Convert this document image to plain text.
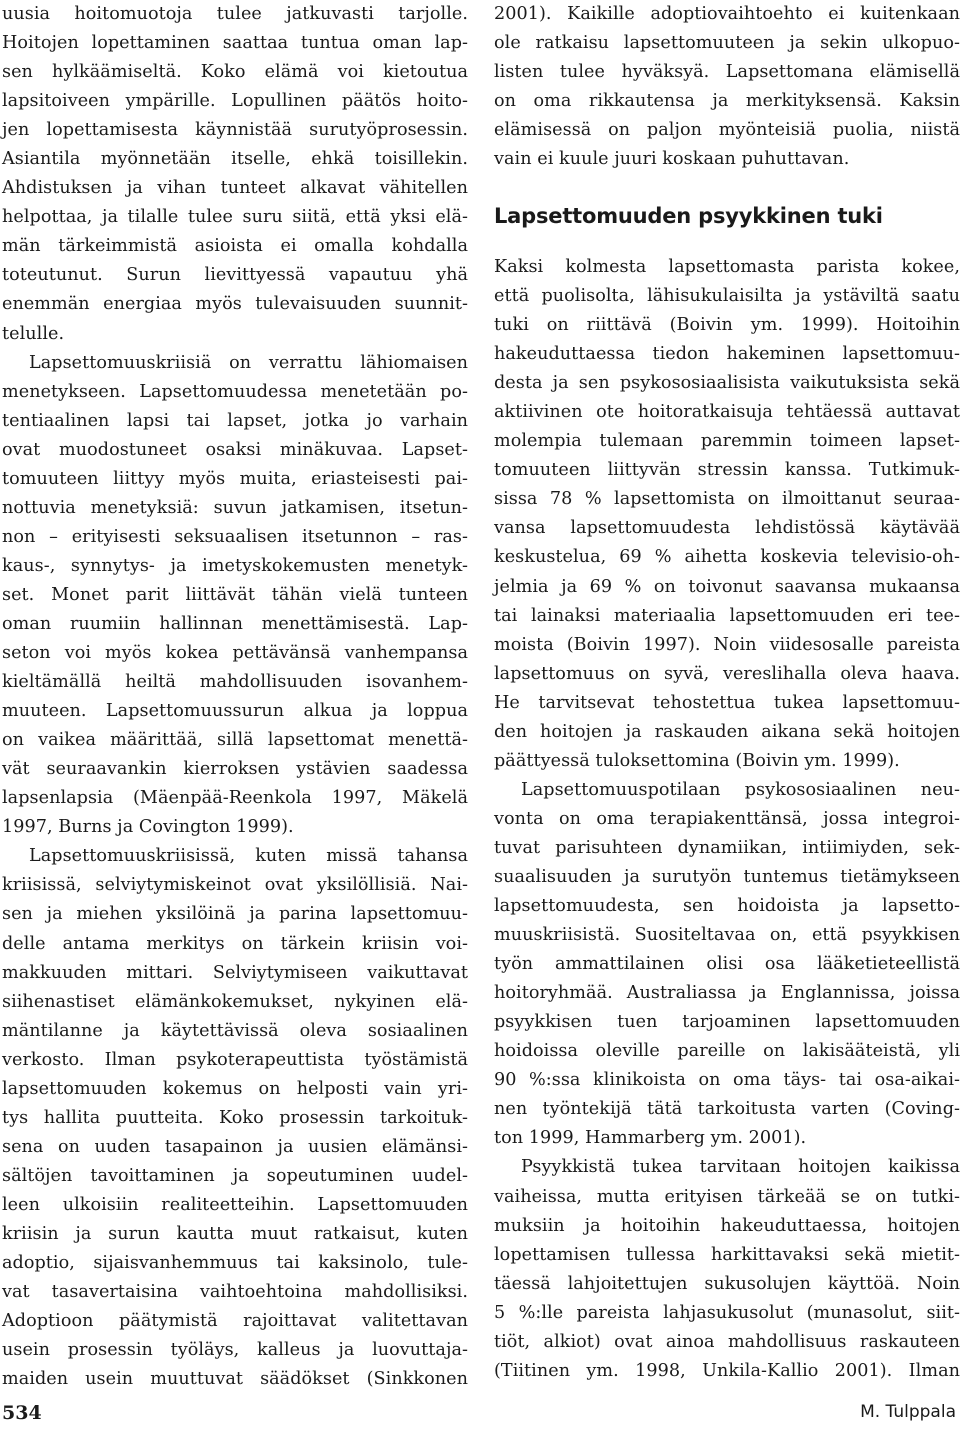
uusia hoitomuotoja tulee jatkuvasti tarjolle.
Hoitojen lopettaminen saattaa tuntua oman lap-
sen hylkäämiseltä. Koko elämä voi kietoutua
lapsitoiveen ympärille. Lopullinen päätös hoito-
jen lopettamisesta käynnistää surutyöprosessin.
Asiantila myönnetään itselle, ehkä toisillekin.
Ahdistuksen ja vihan tunteet alkavat vähitellen
helpottaa, ja tilalle tulee suru siitä, että yksi elä-
män tärkeimmistä asioista ei omalla kohdalla
toteutunut. Surun lievittyessä vapautuu yhä
enemmän energiaa myös tulevaisuuden suunnit-
telulle.
Lapsettomuuskriisiä on verrattu lähiomaisen
menetykseen. Lapsettomuudessa menetetään po-
tentiaalinen lapsi tai lapset, jotka jo varhain
ovat muodostuneet osaksi minäkuvaa. Lapset-
tomuuteen liittyy myös muita, eriasteisesti pai-
nottuvia menetyksiä: suvun jatkamisen, itsetun-
non – erityisesti seksuaalisen itsetunnon – ras-
kaus-, synnytys- ja imetyskokemusten menetyk-
set. Monet parit liittävät tähän vielä tunteen
oman ruumiin hallinnan menettämisestä. Lap-
seton voi myös kokea pettävänsä vanhempansa
kieltämällä heiltä mahdollisuuden isovanhem-
muuteen. Lapsettomuussurun alkua ja loppua
on vaikea määrittää, sillä lapsettomat menettä-
vät seuraavankin kierroksen ystävien saadessa
lapsenlapsia (Mäenpää-Reenkola 1997, Mäkelä
1997, Burns ja Covington 1999).
Lapsettomuuskriisissä, kuten missä tahansa
kriisissä, selviytymiskeinot ovat yksilöllisiä. Nai-
sen ja miehen yksilöinä ja parina lapsettomuu-
delle antama merkitys on tärkein kriisin voi-
makkuuden mittari. Selviytymiseen vaikuttavat
siihenastiset elämänkokemukset, nykyinen elä-
mäntilanne ja käytettävissä oleva sosiaalinen
verkosto. Ilman psykoterapeuttista työstämistä
lapsettomuuden kokemus on helposti vain yri-
tys hallita puutteita. Koko prosessin tarkoituk-
sena on uuden tasapainon ja uusien elämänsi-
sältöjen tavoittaminen ja sopeutuminen uudel-
leen ulkoisiin realiteetteihin. Lapsettomuuden
kriisin ja surun kautta muut ratkaisut, kuten
adoptio, sijaisvanhemmuus tai kaksinolo, tule-
vat tasavertaisina vaihtoehtoina mahdollisiksi.
Adoptioon päätymistä rajoittavat valitettavan
usein prosessin työläys, kalleus ja luovuttaja-
maiden usein muuttuvat säädökset (Sinkkonen
2001). Kaikille adoptiovaihtoehto ei kuitenkaan
ole ratkaisu lapsettomuuteen ja sekin ulkopuo-
listen tulee hyväksyä. Lapsettomana elämisellä
on oma rikkautensa ja merkityksensä. Kaksin
elämisessä on paljon myönteisiä puolia, niistä
vain ei kuule juuri koskaan puhuttavan.
Lapsettomuuden psyykkinen tuki
Kaksi kolmesta lapsettomasta parista kokee,
että puolisolta, lähisukulaisilta ja ystäviltä saatu
tuki on riittävä (Boivin ym. 1999). Hoitoihin
hakeuduttaessa tiedon hakeminen lapsettomuu-
desta ja sen psykososiaalisista vaikutuksista sekä
aktiivinen ote hoitoratkaisuja tehtäessä auttavat
molempia tulemaan paremmin toimeen lapset-
tomuuteen liittyvän stressin kanssa. Tutkimuk-
sissa 78 % lapsettomista on ilmoittanut seuraa-
vansa lapsettomuudesta lehdistössä käytävää
keskustelua, 69 % aihetta koskevia televisio-oh-
jelmia ja 69 % on toivonut saavansa mukaansa
tai lainaksi materiaalia lapsettomuuden eri tee-
moista (Boivin 1997). Noin viidesosalle pareista
lapsettomuus on syvä, vereslihalla oleva haava.
He tarvitsevat tehostettua tukea lapsettomuu-
den hoitojen ja raskauden aikana sekä hoitojen
päättyessä tuloksettomina (Boivin ym. 1999).
Lapsettomuuspotilaan psykososiaalinen neu-
vonta on oma terapiakenttänsä, jossa integroi-
tuvat parisuhteen dynamiikan, intiimiyden, sek-
suaalisuuden ja surutyön tuntemus tietämykseen
lapsettomuudesta, sen hoidoista ja lapsetto-
muuskriisistä. Suositeltavaa on, että psyykkisen
työn ammattilainen olisi osa lääketieteellistä
hoitoryhmää. Australiassa ja Englannissa, joissa
psyykkisen tuen tarjoaminen lapsettomuuden
hoidoissa oleville pareille on lakisääteistä, yli
90 %:ssa klinikoista on oma täys- tai osa-aikai-
nen työntekijä tätä tarkoitusta varten (Coving-
ton 1999, Hammarberg ym. 2001).
Psyykkistä tukea tarvitaan hoitojen kaikissa
vaiheissa, mutta erityisen tärkeää se on tutki-
muksiin ja hoitoihin hakeuduttaessa, hoitojen
lopettamisen tullessa harkittavaksi sekä mietit-
täessä lahjoitettujen sukusolujen käyttöä. Noin
5 %:lle pareista lahjasukusolut (munasolut, siit-
tiöt, alkiot) ovat ainoa mahdollisuus raskauteen
(Tiitinen ym. 1998, Unkila-Kallio 2001). Ilman
534	M. Tulppala
